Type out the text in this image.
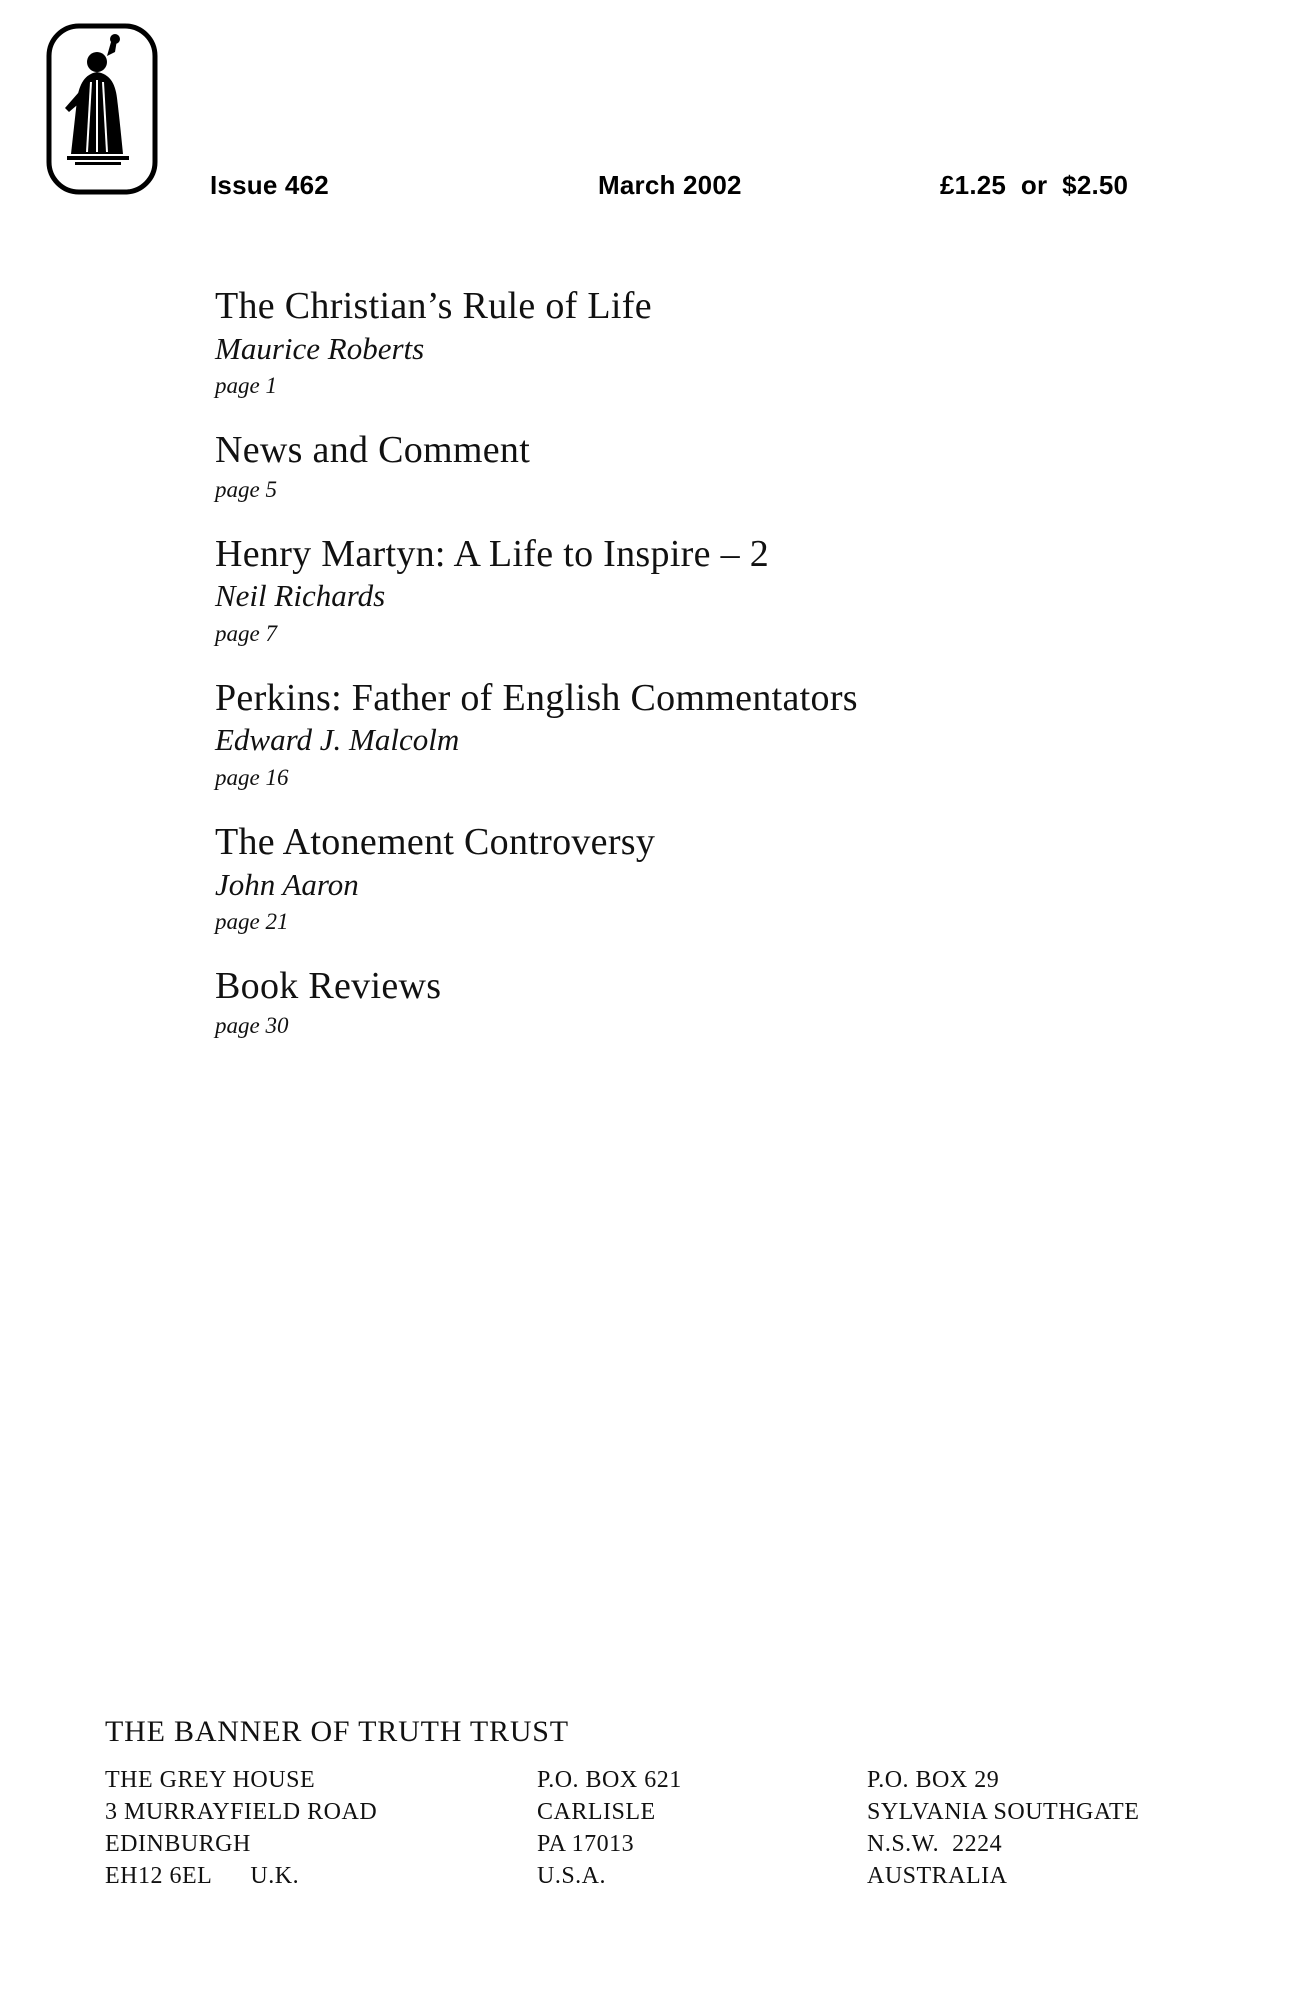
Issue 462	March 2002	£1.25  or  $2.50
The Christian’s Rule of Life
Maurice Roberts
page 1
News and Comment
page 5
Henry Martyn: A Life to Inspire – 2
Neil Richards
page 7
Perkins: Father of English Commentators
Edward J. Malcolm
page 16
The Atonement Controversy
John Aaron
page 21
Book Reviews
page 30
THE BANNER OF TRUTH TRUST
THE GREY HOUSE
3 MURRAYFIELD ROAD
EDINBURGH
EH12 6EL      U.K.
P.O. BOX 621
CARLISLE
PA 17013
U.S.A.
P.O. BOX 29
SYLVANIA SOUTHGATE
N.S.W.  2224
AUSTRALIA
